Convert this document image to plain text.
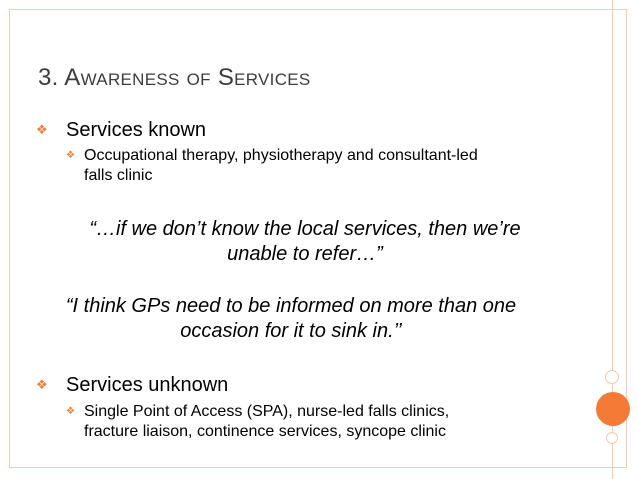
3. Awareness of Services
❖ Services known
❖ Occupational therapy, physiotherapy and consultant-led
falls clinic
“…if we don’t know the local services, then we’re
unable to refer…”
“I think GPs need to be informed on more than one
occasion for it to sink in.’’
❖ Services unknown
❖ Single Point of Access (SPA), nurse-led falls clinics,
fracture liaison, continence services, syncope clinic
